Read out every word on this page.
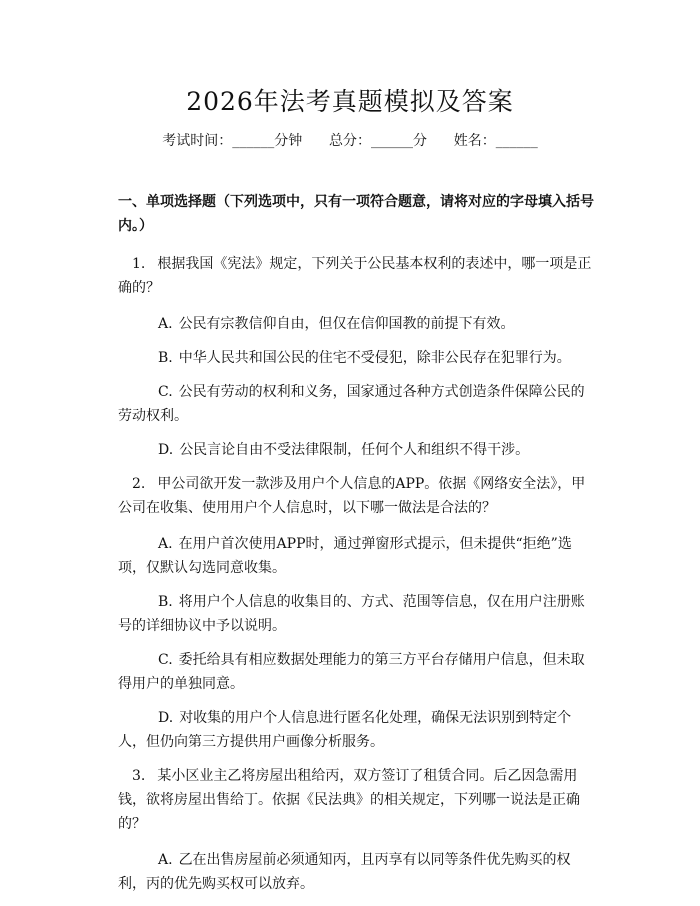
2026年法考真题模拟及答案
考试时间：______分钟      总分：______分      姓名：______

一、单项选择题（下列选项中，只有一项符合题意，请将对应的字母填入括号内。）

1. 根据我国《宪法》规定，下列关于公民基本权利的表述中，哪一项是正确的？

A. 公民有宗教信仰自由，但仅在信仰国教的前提下有效。

B. 中华人民共和国公民的住宅不受侵犯，除非公民存在犯罪行为。

C. 公民有劳动的权利和义务，国家通过各种方式创造条件保障公民的劳动权利。

D. 公民言论自由不受法律限制，任何个人和组织不得干涉。

2. 甲公司欲开发一款涉及用户个人信息的APP。依据《网络安全法》，甲公司在收集、使用用户个人信息时，以下哪一做法是合法的？

A. 在用户首次使用APP时，通过弹窗形式提示，但未提供“拒绝”选项，仅默认勾选同意收集。

B. 将用户个人信息的收集目的、方式、范围等信息，仅在用户注册账号的详细协议中予以说明。

C. 委托给具有相应数据处理能力的第三方平台存储用户信息，但未取得用户的单独同意。

D. 对收集的用户个人信息进行匿名化处理，确保无法识别到特定个人，但仍向第三方提供用户画像分析服务。

3. 某小区业主乙将房屋出租给丙，双方签订了租赁合同。后乙因急需用钱，欲将房屋出售给丁。依据《民法典》的相关规定，下列哪一说法是正确的？

A. 乙在出售房屋前必须通知丙，且丙享有以同等条件优先购买的权利，丙的优先购买权可以放弃。
